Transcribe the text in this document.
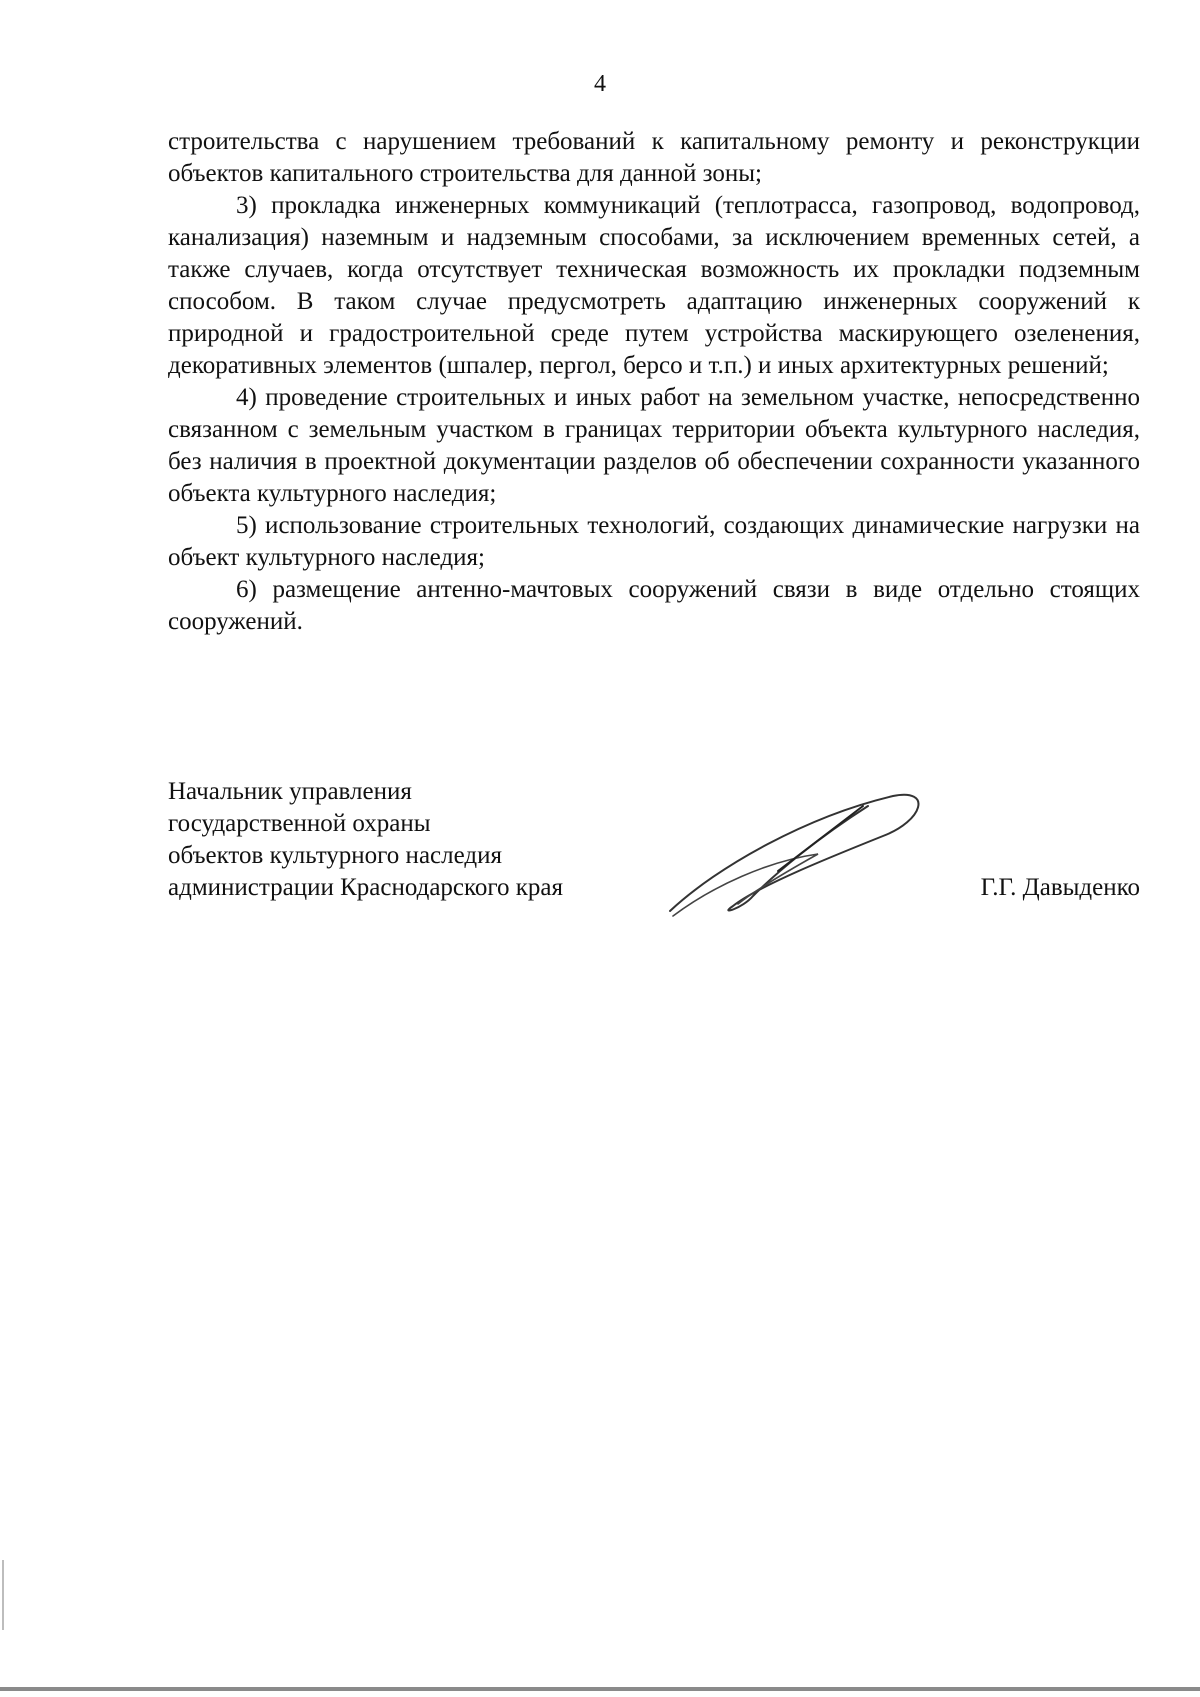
4

строительства с нарушением требований к капитальному ремонту и реконструкции объектов капитального строительства для данной зоны;

3) прокладка инженерных коммуникаций (теплотрасса, газопровод, водопровод, канализация) наземным и надземным способами, за исключением временных сетей, а также случаев, когда отсутствует техническая возможность их прокладки подземным способом. В таком случае предусмотреть адаптацию инженерных сооружений к природной и градостроительной среде путем устройства маскирующего озеленения, декоративных элементов (шпалер, пергол, берсо и т.п.) и иных архитектурных решений;

4) проведение строительных и иных работ на земельном участке, непосредственно связанном с земельным участком в границах территории объекта культурного наследия, без наличия в проектной документации разделов об обеспечении сохранности указанного объекта культурного наследия;

5) использование строительных технологий, создающих динамические нагрузки на объект культурного наследия;

6) размещение антенно-мачтовых сооружений связи в виде отдельно стоящих сооружений.

Начальник управления
государственной охраны
объектов культурного наследия
администрации Краснодарского края	Г.Г. Давыденко
